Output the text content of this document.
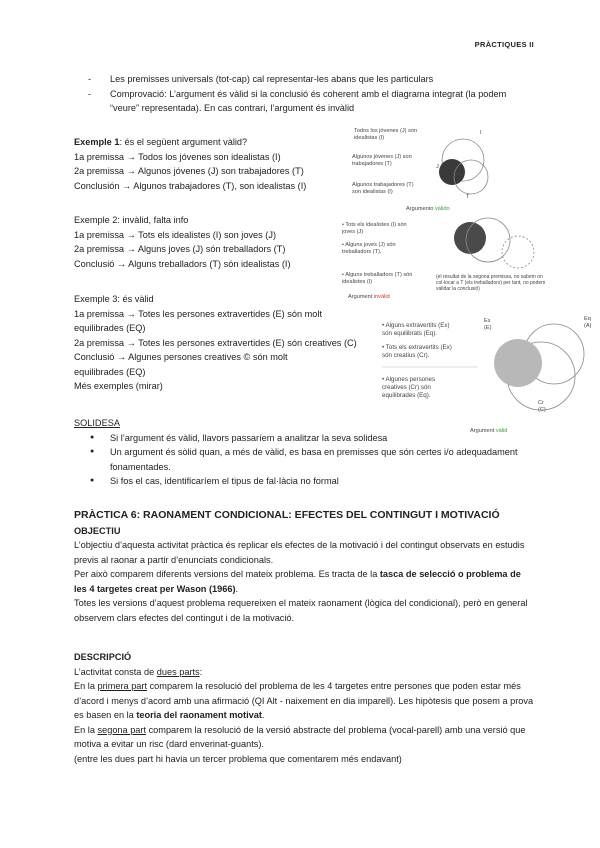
PRÀCTIQUES II
- Les premisses universals (tot-cap) cal representar-les abans que les particulars
- Comprovació: L’argument és vàlid si la conclusió és coherent amb el diagrama integrat (la podem “veure” representada). En cas contrari, l’argument és invàlid
Exemple 1: és el següent argument vàlid?
1a premissa → Todos los jóvenes son idealistas (I)
2a premissa → Algunos jóvenes (J) son trabajadores (T)
Conclusión → Algunos trabajadores (T), son idealistas (I)
Exemple 2: invàlid, falta info
1a premissa → Tots els idealistes (I) son joves (J)
2a premissa → Alguns joves (J) són treballadors (T)
Conclusió → Alguns treballadors (T) són idealistas (I)
Exemple 3: és vàlid
1a premissa → Totes les persones extravertides (E) són molt equilibrades (EQ)
2a premissa → Totes les persones extravertides (E) són creatives (C)
Conclusió → Algunes persones creatives © són molt equilibrades (EQ)
Més exemples (mirar)
Todos los jóvenes (J) son idealistas (I)
Algunos jóvenes (J) son trabajadores (T)
Algunos trabajadores (T) son idealistas (I)
I
J
T
Argumento válido
• Tots els idealistes (I) són joves (J)
• Alguns joves (J) són treballadors (T).
• Alguns treballadors (T) són idealistes (I)
(el resultat de la segona premissa, no sabem on col·locar a T (els treballadors) per tant, no podem validar la conclusió)
Argument invàlid
• Alguns extravertits (Ex) són equilibrats (Eq).
• Tots els extravertits (Ex) són creatius (Cr).
• Algunes persones creatives (Cr) són equilibrades (Eq).
Ex (E)
Eq (A)
Cr (C)
Argument vàlid
SOLIDESA
● Si l’argument és vàlid, llavors passaríem a analitzar la seva solidesa
● Un argument és sòlid quan, a més de vàlid, es basa en premisses que són certes i/o adequadament fonamentades.
● Si fos el cas, identificaríem el tipus de fal·làcia no formal
PRÀCTICA 6: RAONAMENT CONDICIONAL: EFECTES DEL CONTINGUT I MOTIVACIÓ
OBJECTIU

L’objectiu d’aquesta activitat pràctica és replicar els efectes de la motivació i del contingut observats en estudis previs al raonar a partir d’enunciats condicionals.

Per això comparem diferents versions del mateix problema. Es tracta de la tasca de selecció o problema de les 4 targetes creat per Wason (1966).

Totes les versions d’aquest problema requereixen el mateix raonament (lògica del condicional), però en general observem clars efectes del contingut i de la motivació.

DESCRIPCIÓ

L’activitat consta de dues parts:

En la primera part comparem la resolució del problema de les 4 targetes entre persones que poden estar més d’acord i menys d’acord amb una afirmació (QI Alt - naixement en dia imparell). Les hipòtesis que posem a prova es basen en la teoria del raonament motivat.

En la segona part comparem la resolució de la versió abstracte del problema (vocal-parell) amb una versió que motiva a evitar un risc (dard enverinat-guants).

(entre les dues part hi havia un tercer problema que comentarem més endavant)
